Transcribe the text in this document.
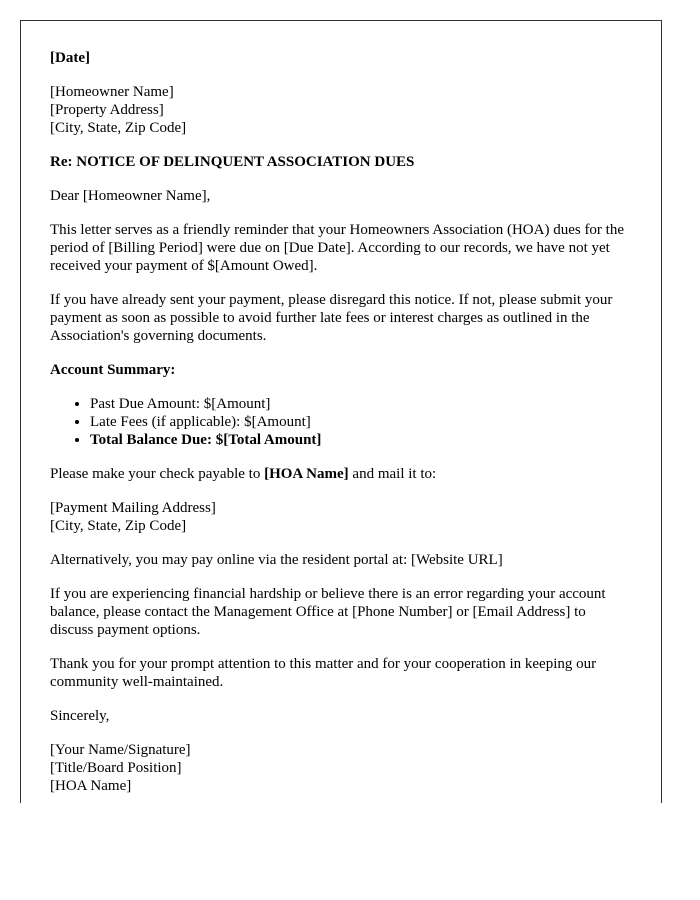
[Date]

[Homeowner Name]
[Property Address]
[City, State, Zip Code]

Re: NOTICE OF DELINQUENT ASSOCIATION DUES

Dear [Homeowner Name],

This letter serves as a friendly reminder that your Homeowners Association (HOA) dues for the period of [Billing Period] were due on [Due Date]. According to our records, we have not yet received your payment of $[Amount Owed].

If you have already sent your payment, please disregard this notice. If not, please submit your payment as soon as possible to avoid further late fees or interest charges as outlined in the Association's governing documents.

Account Summary:

• Past Due Amount: $[Amount]
• Late Fees (if applicable): $[Amount]
• Total Balance Due: $[Total Amount]

Please make your check payable to [HOA Name] and mail it to:

[Payment Mailing Address]
[City, State, Zip Code]

Alternatively, you may pay online via the resident portal at: [Website URL]

If you are experiencing financial hardship or believe there is an error regarding your account balance, please contact the Management Office at [Phone Number] or [Email Address] to discuss payment options.

Thank you for your prompt attention to this matter and for your cooperation in keeping our community well-maintained.

Sincerely,

[Your Name/Signature]
[Title/Board Position]
[HOA Name]
